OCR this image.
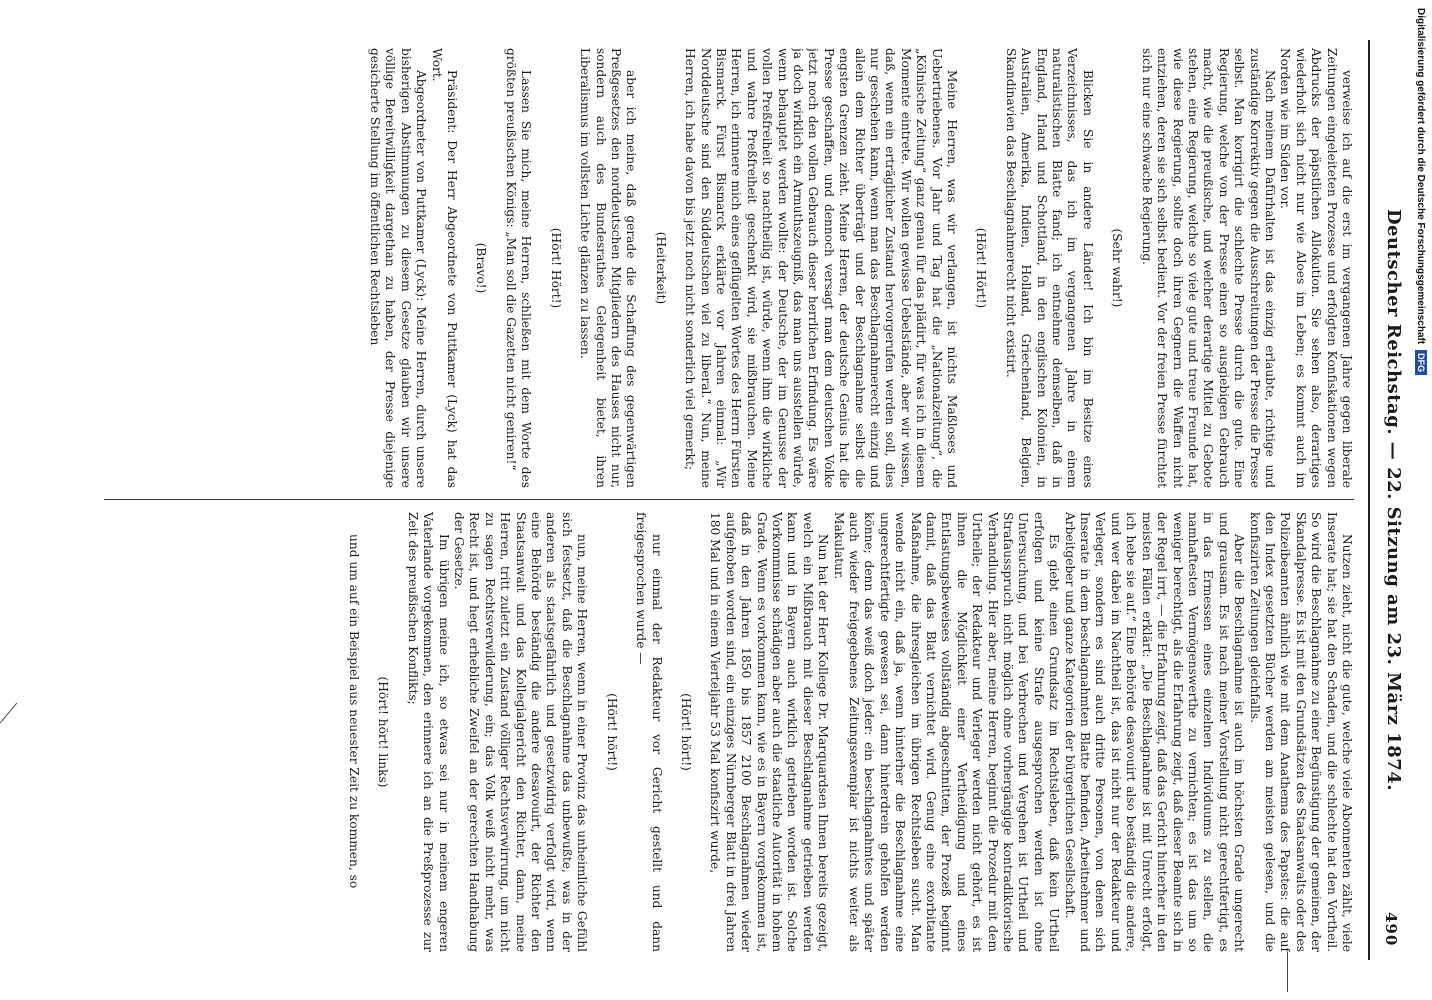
490
Deutscher Reichstag. — 22. Sitzung am 23. März 1874.

Nutzen zieht, nicht die gute, welche viele Abonnenten zählt, viele Inserate hat; sie hat den Schaden, und die schlechte hat den Vortheil. So wird die Beschlagnahme zu einer Begünstigung der gemeinen, der Skandalpresse. Es ist mit den Grundsätzen des Staatsanwalts oder des Polizeibeamten ähnlich wie mit dem Anathema des Papstes: die auf den Index gesetzten Bücher werden am meisten gelesen, und die konfiszirten Zeitungen gleichfalls.

Aber die Beschlagnahme ist auch im höchsten Grade ungerecht und grausam. Es ist nach meiner Vorstellung nicht gerechtfertigt, es in das Ermessen eines einzelnen Individuums zu stellen, die namhaftesten Vermögenswerthe zu vernichten; es ist das um so weniger berechtigt, als die Erfahrung zeigt, daß dieser Beamte sich in der Regel irrt, — die Erfahrung zeigt, daß das Gericht hinterher in den meisten Fällen erklärt: „Die Beschlagnahme ist mit Unrecht erfolgt, ich hebe sie auf.“ Eine Behörde desavouirt also beständig die andere, und wer dabei im Nachtheil ist, das ist nicht nur der Redakteur und Verleger, sondern es sind auch dritte Personen, von denen sich Inserate in dem beschlagnahmten Blatte befinden, Arbeitnehmer und Arbeitgeber und ganze Kategorien der bürgerlichen Gesellschaft.

Es giebt einen Grundsatz im Rechtsleben, daß kein Urtheil erfolgen und keine Strafe ausgesprochen werden ist ohne Untersuchung, und bei Verbrechen und Vergehen ist Urtheil und Strafausspruch nicht möglich ohne vorhergängige kontradiktorische Verhandlung. Hier aber, meine Herren, beginnt die Prozedur mit dem Urtheile; der Redakteur und Verleger werden nicht gehört, es ist ihnen die Möglichkeit einer Vertheidigung und eines Entlastungsbeweises vollständig abgeschnitten, der Prozeß beginnt damit, daß das Blatt vernichtet wird. Genug eine exorbitante Maßnahme, die ihresgleichen im übrigen Rechtsleben sucht. Man wende nicht ein, daß ja, wenn hinterher die Beschlagnahme eine ungerechtfertigte gewesen sei, dann hinterdrein geholfen werden könne; denn das weiß doch jeder: ein beschlagnahmtes und später auch wieder freigegebenes Zeitungsexemplar ist nichts weiter als Makulatur.

Nun hat der Herr Kollege Dr. Marquardsen Ihnen bereits gezeigt, welch ein Mißbrauch mit dieser Beschlagnahme getrieben werden kann und in Bayern auch wirklich getrieben worden ist. Solche Vorkommnisse schädigen aber auch die staatliche Autorität in hohem Grade. Wenn es vorkommen kann, wie es in Bayern vorgekommen ist, daß in den Jahren 1850 bis 1857 2100 Beschlagnahmen wieder aufgehoben worden sind, ein einziges Nürnberger Blatt in drei Jahren 180 Mal und in einem Vierteljahr 53 Mal konfiszirt wurde,

(Hört! hört!)

nur einmal der Redakteur vor Gericht gestellt und dann freigesprochen wurde —

(Hört! hört!)

nun, meine Herren, wenn in einer Provinz das unheimliche Gefühl sich festsetzt, daß die Beschlagnahme das unbewußte, was in der anderen als staatsgefährlich und gesetzwidrig verfolgt wird, wenn eine Behörde beständig die andere desavouirt, der Richter den Staatsanwalt und das Kollegialgericht den Richter, dann, meine Herren, tritt zuletzt ein Zustand völliger Rechtsverwirrung, um nicht zu sagen Rechtsverwilderung, ein; das Volk weiß nicht mehr, was Recht ist, und hegt erhebliche Zweifel an der gerechten Handhabung der Gesetze.

Im übrigen meine ich, so etwas sei nur in meinem engeren Vaterlande vorgekommen, den erinnere ich an die Preßprozesse zur Zeit des preußischen Konflikts;

(Hört! hört! links)

und um auf ein Beispiel aus neuester Zeit zu kommen, so

verweise ich auf die erst im vergangenen Jahre gegen liberale Zeitungen eingeleiteten Prozesse und erfolgten Konfiskationen wegen Abdrucks der päpstlichen Allokution. Sie sehen also, derartiges wiederholt sich nicht nur wie Aloes im Leben; es kommt auch im Norden wie im Süden vor.

Nach meinem Dafürhalten ist das einzig erlaubte, richtige und zuständige Korrektiv gegen die Ausschreitungen der Presse die Presse selbst. Man korrigirt die schlechte Presse durch die gute. Eine Regierung, welche von der Presse einen so ausgiebigen Gebrauch macht, wie die preußische, und welcher derartige Mittel zu Gebote stehen, eine Regierung, welche so viele gute und treue Freunde hat, wie diese Regierung, sollte doch ihren Gegnern die Waffen nicht entziehen, deren sie sich selbst bedient. Vor der freien Presse fürchtet sich nur eine schwache Regierung.

(Sehr wahr!)

Blicken Sie in andere Länder! Ich bin im Besitze eines Verzeichnisses, das ich im vergangenen Jahre in einem naturalistischen Blatte fand; ich entnehme demselben, daß in England, Irland und Schottland, in den englischen Kolonien, in Australien, Amerika, Indien, Holland, Griechenland, Belgien, Skandinavien das Beschlagnahmerecht nicht existirt.

(Hört! Hört!)

Meine Herren, was wir verlangen, ist nichts Maßloses und Uebertriebenes. Vor Jahr und Tag hat die „Nationalzeitung“, die „Kölnische Zeitung“ ganz genau für das plädirt, für was ich in diesem Momente eintrete. Wir wollen gewisse Uebelstände, aber wir wissen, daß, wenn ein erträglicher Zustand hervorgerufen werden soll, dies nur geschehen kann, wenn man das Beschlagnahmerecht einzig und allein dem Richter überträgt und der Beschlagnahme selbst die engsten Grenzen zieht. Meine Herren, der deutsche Genius hat die Presse geschaffen, und dennoch versagt man dem deutschen Volke jetzt noch den vollen Gebrauch dieser herrlichen Erfindung. Es wäre ja doch wirklich ein Armuthszeugniß, das man uns ausstellen würde, wenn behauptet werden wollte: der Deutsche, der im Genusse der vollen Preßfreiheit so nachtheilig ist, würde, wenn ihm die wirkliche und wahre Preßfreiheit geschenkt wird, sie mißbrauchen. Meine Herren, ich erinnere mich eines geflügelten Wortes des Herrn Fürsten Bismarck. Fürst Bismarck erklärte vor Jahren einmal: „Wir Norddeutsche sind den Süddeutschen viel zu liberal.“ Nun, meine Herren, ich habe davon bis jetzt noch nicht sonderlich viel gemerkt;

(Heiterkeit)

aber ich meine, daß gerade die Schaffung des gegenwärtigen Preßgesetzes den norddeutschen Mitgliedern des Hauses nicht nur, sondern auch des Bundesrathes Gelegenheit bietet, ihren Liberalismus im vollsten Lichte glänzen zu lassen.

(Hört! Hört!)

Lassen Sie mich, meine Herren, schließen mit dem Worte des größten preußischen Königs: „Man soll die Gazetten nicht geniren!“

(Bravo!)

Präsident: Der Herr Abgeordnete von Puttkamer (Lyck) hat das Wort.

Abgeordneter von Puttkamer (Lyck): Meine Herren, durch unsere bisherigen Abstimmungen zu diesem Gesetze glauben wir unsere völlige Bereitwilligkeit dargethan zu haben, der Presse diejenige gesicherte Stellung im öffentlichen Rechtsleben	Digitalisierung gefördert durch die Deutsche ForschungsgemeinschaftDFG
